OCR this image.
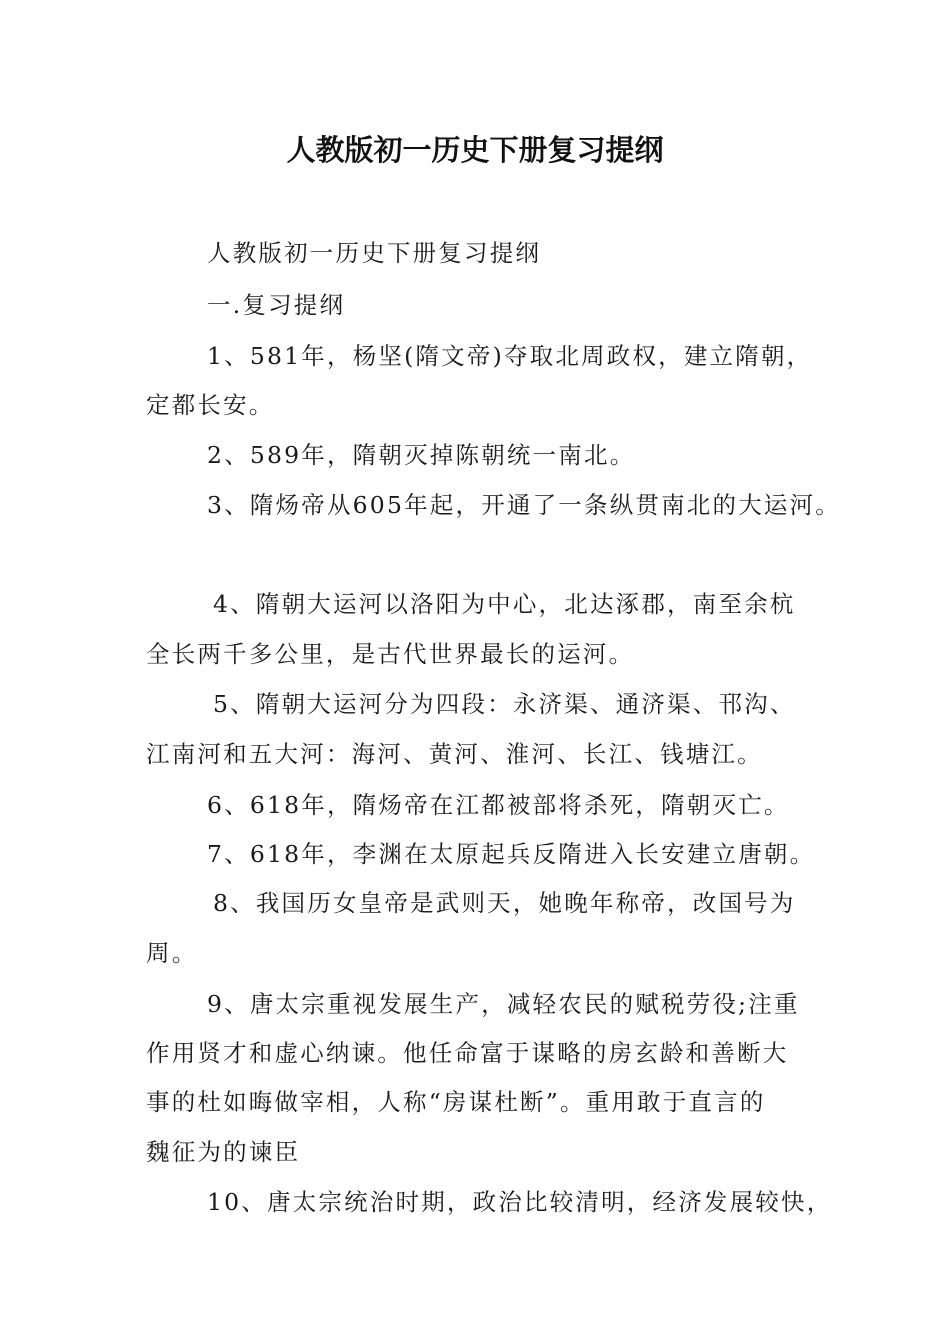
人教版初一历史下册复习提纲
人教版初一历史下册复习提纲
一.复习提纲
1、581年，杨坚(隋文帝)夺取北周政权，建立隋朝，
定都长安。
2、589年，隋朝灭掉陈朝统一南北。
3、隋炀帝从605年起，开通了一条纵贯南北的大运河。
4、隋朝大运河以洛阳为中心，北达涿郡，南至余杭
全长两千多公里，是古代世界最长的运河。
5、隋朝大运河分为四段：永济渠、通济渠、邗沟、
江南河和五大河：海河、黄河、淮河、长江、钱塘江。
6、618年，隋炀帝在江都被部将杀死，隋朝灭亡。
7、618年，李渊在太原起兵反隋进入长安建立唐朝。
8、我国历女皇帝是武则天，她晚年称帝，改国号为
周。
9、唐太宗重视发展生产，减轻农民的赋税劳役;注重
作用贤才和虚心纳谏。他任命富于谋略的房玄龄和善断大
事的杜如晦做宰相，人称“房谋杜断”。重用敢于直言的
魏征为的谏臣
10、唐太宗统治时期，政治比较清明，经济发展较快，
